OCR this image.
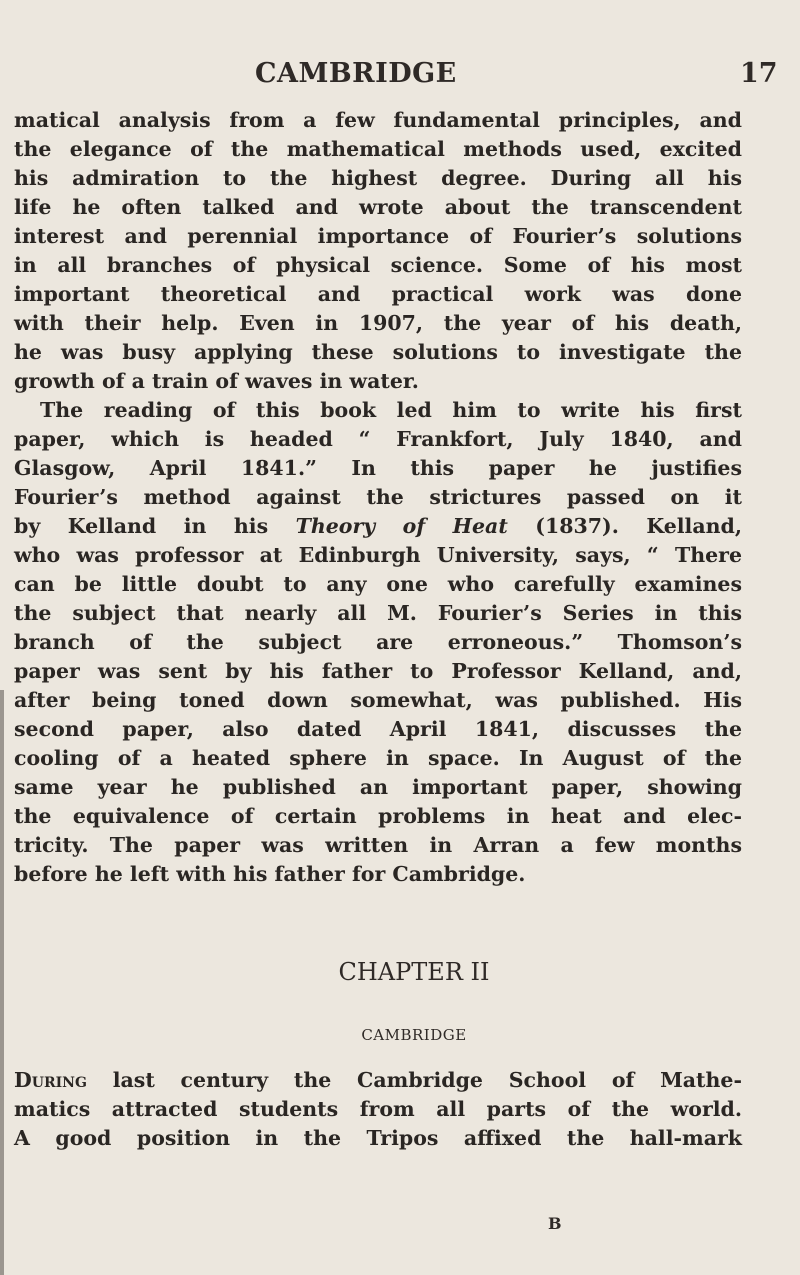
CAMBRIDGE	17
matical analysis from a few fundamental principles, and
the elegance of the mathematical methods used, excited
his admiration to the highest degree. During all his
life he often talked and wrote about the transcendent
interest and perennial importance of Fourier’s solutions
in all branches of physical science. Some of his most
important theoretical and practical work was done
with their help. Even in 1907, the year of his death,
he was busy applying these solutions to investigate the
growth of a train of waves in water.
The reading of this book led him to write his first
paper, which is headed “ Frankfort, July 1840, and
Glasgow, April 1841.” In this paper he justifies
Fourier’s method against the strictures passed on it
by Kelland in his Theory of Heat (1837). Kelland,
who was professor at Edinburgh University, says, “ There
can be little doubt to any one who carefully examines
the subject that nearly all M. Fourier’s Series in this
branch of the subject are erroneous.” Thomson’s
paper was sent by his father to Professor Kelland, and,
after being toned down somewhat, was published. His
second paper, also dated April 1841, discusses the
cooling of a heated sphere in space. In August of the
same year he published an important paper, showing
the equivalence of certain problems in heat and elec-
tricity. The paper was written in Arran a few months
before he left with his father for Cambridge.
CHAPTER II
CAMBRIDGE
During last century the Cambridge School of Mathe-
matics attracted students from all parts of the world.
A good position in the Tripos affixed the hall-mark
B
